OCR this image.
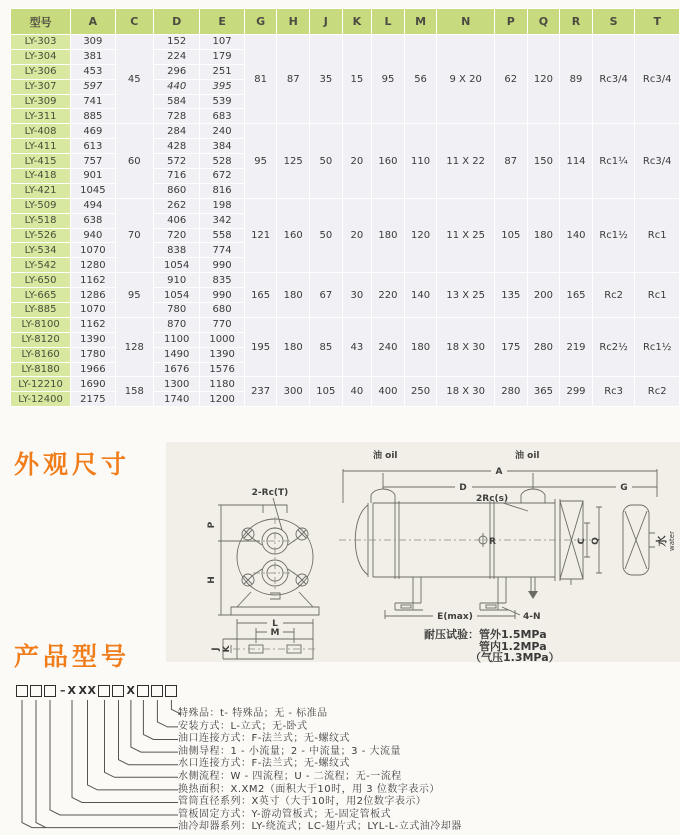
型号	A	C	D	E	G	H	J	K	L	M	N	P	Q	R	S	T
LY-303	309	45	152	107	81	87	35	15	95	56	9 X 20	62	120	89	Rc3/4	Rc3/4
LY-304	381		224	179												
LY-306	453		296	251												
LY-307	597		440	395												
LY-309	741		584	539												
LY-311	885		728	683												
LY-408	469	60	284	240	95	125	50	20	160	110	11 X 22	87	150	114	Rc1¼	Rc3/4
LY-411	613		428	384												
LY-415	757		572	528												
LY-418	901		716	672												
LY-421	1045		860	816												
LY-509	494	70	262	198	121	160	50	20	180	120	11 X 25	105	180	140	Rc1½	Rc1
LY-518	638		406	342												
LY-526	940		720	558												
LY-534	1070		838	774												
LY-542	1280		1054	990												
LY-650	1162	95	910	835	165	180	67	30	220	140	13 X 25	135	200	165	Rc2	Rc1
LY-665	1286		1054	990												
LY-885	1070		780	680												
LY-8100	1162	128	870	770	195	180	85	43	240	180	18 X 30	175	280	219	Rc2½	Rc1½
LY-8120	1390		1100	1000												
LY-8160	1780		1490	1390												
LY-8180	1966		1676	1576												
LY-12210	1690	158	1300	1180	237	300	105	40	400	250	18 X 30	280	365	299	Rc3	Rc2
LY-12400	2175		1740	1200												
外观尺寸
2-Rc(T)
P
H
L
M
J K
油 oil	油 oil
A
D	G
2Rc(s)
R	C Q	水 water
E(max)	4-N
耐压试验：管外1.5MPa
管内1.2MPa
（气压1.3MPa）
产品型号
– X XX	X
特殊品：t- 特殊品；无 - 标准品
安装方式：L-立式；无-卧式
油口连接方式：F-法兰式；无-螺纹式
油侧导程：1 - 小流量；2 - 中流量；3 - 大流量
水口连接方式：F-法兰式；无-螺纹式
水侧流程：W - 四流程；U - 二流程；无-一流程
换热面积：X.XM2（面积大于10时，用 3 位数字表示）
管筒直径系列：X英寸（大于10时，用2位数字表示）
管板固定方式：Y-游动管板式；无-固定管板式
油冷却器系列：LY-绕流式；LC-翅片式；LYL-L-立式油冷却器
